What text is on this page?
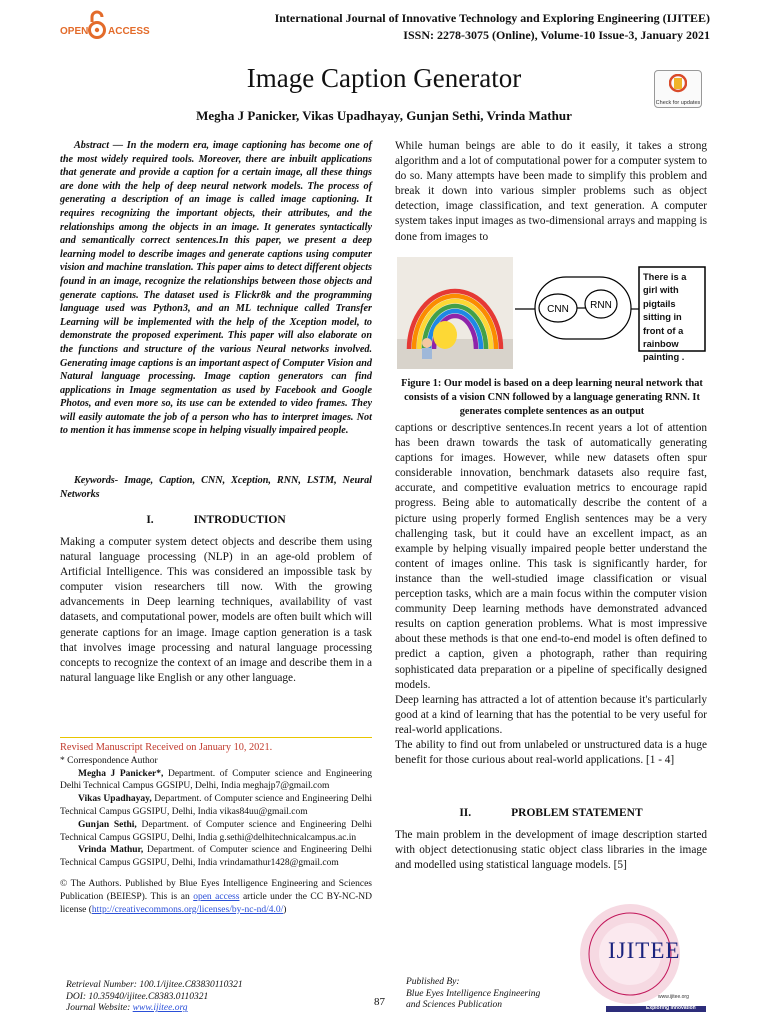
OPEN ACCESS
International Journal of Innovative Technology and Exploring Engineering (IJITEE)
ISSN: 2278-3075 (Online), Volume-10 Issue-3, January 2021
Image Caption Generator
Check for updates
Megha J Panicker, Vikas Upadhayay, Gunjan Sethi, Vrinda Mathur

Abstract — In the modern era, image captioning has become one of the most widely required tools. Moreover, there are inbuilt applications that generate and provide a caption for a certain image, all these things are done with the help of deep neural network models. The process of generating a description of an image is called image captioning. It requires recognizing the important objects, their attributes, and the relationships among the objects in an image. It generates syntactically and semantically correct sentences.In this paper, we present a deep learning model to describe images and generate captions using computer vision and machine translation. This paper aims to detect different objects found in an image, recognize the relationships between those objects and generate captions. The dataset used is Flickr8k and the programming language used was Python3, and an ML technique called Transfer Learning will be implemented with the help of the Xception model, to demonstrate the proposed experiment. This paper will also elaborate on the functions and structure of the various Neural networks involved. Generating image captions is an important aspect of Computer Vision and Natural language processing. Image caption generators can find applications in Image segmentation as used by Facebook and Google Photos, and even more so, its use can be extended to video frames. They will easily automate the job of a person who has to interpret images. Not to mention it has immense scope in helping visually impaired people.

Keywords- Image, Caption, CNN, Xception, RNN, LSTM, Neural Networks

I.	INTRODUCTION

Making a computer system detect objects and describe them using natural language processing (NLP) in an age-old problem of Artificial Intelligence. This was considered an impossible task by computer vision researchers till now. With the growing advancements in Deep learning techniques, availability of vast datasets, and computational power, models are often built which will generate captions for an image. Image caption generation is a task that involves image processing and natural language processing concepts to recognize the context of an image and describe them in a natural language like English or any other language.

Revised Manuscript Received on January 10, 2021.
* Correspondence Author

Megha J Panicker*, Department. of Computer science and Engineering Delhi Technical Campus GGSIPU, Delhi, India meghajp7@gmail.com

Vikas Upadhayay, Department. of Computer science and Engineering Delhi Technical Campus GGSIPU, Delhi, India vikas84uu@gmail.com

Gunjan Sethi, Department. of Computer science and Engineering Delhi Technical Campus GGSIPU, Delhi, India g.sethi@delhitechnicalcampus.ac.in

Vrinda Mathur, Department. of Computer science and Engineering Delhi Technical Campus GGSIPU, Delhi, India vrindamathur1428@gmail.com

© The Authors. Published by Blue Eyes Intelligence Engineering and Sciences Publication (BEIESP). This is an open access article under the CC BY-NC-ND license (http://creativecommons.org/licenses/by-nc-nd/4.0/)

While human beings are able to do it easily, it takes a strong algorithm and a lot of computational power for a computer system to do so. Many attempts have been made to simplify this problem and break it down into various simpler problems such as object detection, image classification, and text generation. A computer system takes input images as two-dimensional arrays and mapping is done from images to

CNN RNN
There is a girl with pigtails sitting in front of a rainbow painting .
Figure 1: Our model is based on a deep learning neural network that consists of a vision CNN followed by a language generating RNN. It generates complete sentences as an output

captions or descriptive sentences.In recent years a lot of attention has been drawn towards the task of automatically generating captions for images. However, while new datasets often spur considerable innovation, benchmark datasets also require fast, accurate, and competitive evaluation metrics to encourage rapid progress. Being able to automatically describe the content of a picture using properly formed English sentences may be a very challenging task, but it could have an excellent impact, as an example by helping visually impaired people better understand the content of images online. This task is significantly harder, for instance than the well-studied image classification or visual perception tasks, which are a main focus within the computer vision community Deep learning methods have demonstrated advanced results on caption generation problems. What is most impressive about these methods is that one end-to-end model is often defined to predict a caption, given a photograph, rather than requiring sophisticated data preparation or a pipeline of specifically designed models.

Deep learning has attracted a lot of attention because it's particularly good at a kind of learning that has the potential to be very useful for real-world applications.

The ability to find out from unlabeled or unstructured data is a huge benefit for those curious about real-world applications. [1 - 4]

II.	PROBLEM STATEMENT

The main problem in the development of image description started with object detectionusing static object class libraries in the image and modelled using statistical language models. [5]

IJITEE
www.ijitee.org
Exploring Innovation
Retrieval Number: 100.1/ijitee.C83830110321
DOI: 10.35940/ijitee.C8383.0110321
Journal Website: www.ijitee.org
87
Published By:
Blue Eyes Intelligence Engineering
and Sciences Publication
